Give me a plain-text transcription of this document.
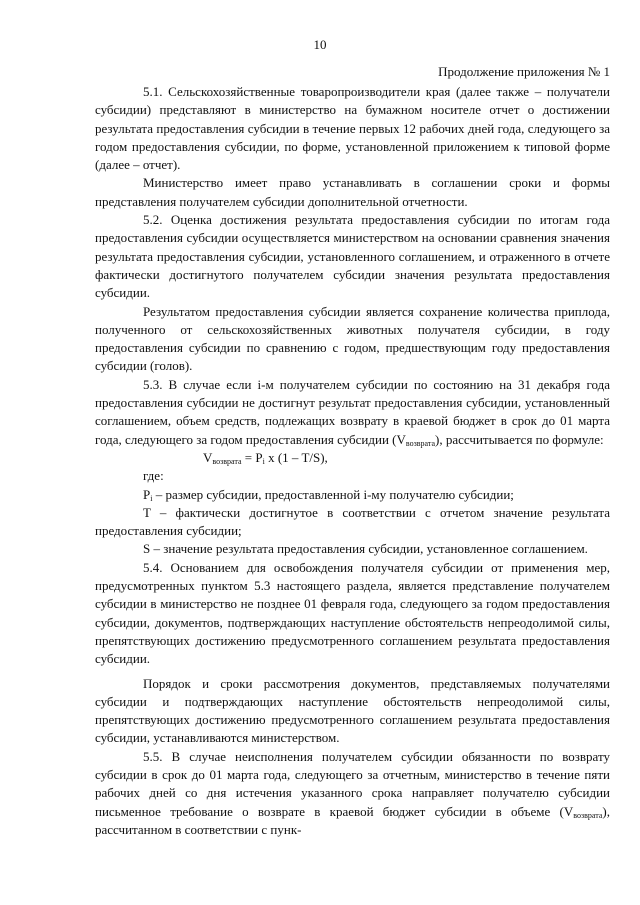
10
Продолжение приложения № 1

5.1. Сельскохозяйственные товаропроизводители края (далее также – получатели субсидии) представляют в министерство на бумажном носителе отчет о достижении результата предоставления субсидии в течение первых 12 рабочих дней года, следующего за годом предоставления субсидии, по форме, установленной приложением к типовой форме (далее – отчет).

Министерство имеет право устанавливать в соглашении сроки и формы представления получателем субсидии дополнительной отчетности.

5.2. Оценка достижения результата предоставления субсидии по итогам года предоставления субсидии осуществляется министерством на основании сравнения значения результата предоставления субсидии, установленного соглашением, и отраженного в отчете фактически достигнутого получателем субсидии значения результата предоставления субсидии.

Результатом предоставления субсидии является сохранение количества приплода, полученного от сельскохозяйственных животных получателя субсидии, в году предоставления субсидии по сравнению с годом, предшествующим году предоставления субсидии (голов).

5.3. В случае если i-м получателем субсидии по состоянию на 31 декабря года предоставления субсидии не достигнут результат предоставления субсидии, установленный соглашением, объем средств, подлежащих возврату в краевой бюджет в срок до 01 марта года, следующего за годом предоставления субсидии $(V_{возврата})$, рассчитывается по формуле:

$V_{возврата} = P_i$ x (1 – T/S),

где:

$P_i$ – размер субсидии, предоставленной i-му получателю субсидии;

T – фактически достигнутое в соответствии с отчетом значение результата предоставления субсидии;

S – значение результата предоставления субсидии, установленное соглашением.

5.4. Основанием для освобождения получателя субсидии от применения мер, предусмотренных пунктом 5.3 настоящего раздела, является представление получателем субсидии в министерство не позднее 01 февраля года, следующего за годом предоставления субсидии, документов, подтверждающих наступление обстоятельств непреодолимой силы, препятствующих достижению предусмотренного соглашением результата предоставления субсидии.

Порядок и сроки рассмотрения документов, представляемых получателями субсидии и подтверждающих наступление обстоятельств непреодолимой силы, препятствующих достижению предусмотренного соглашением результата предоставления субсидии, устанавливаются министерством.

5.5. В случае неисполнения получателем субсидии обязанности по возврату субсидии в срок до 01 марта года, следующего за отчетным, министерство в течение пяти рабочих дней со дня истечения указанного срока направляет получателю субсидии письменное требование о возврате в краевой бюджет субсидии в объеме $(V_{возврата})$, рассчитанном в соответствии с пунк-
